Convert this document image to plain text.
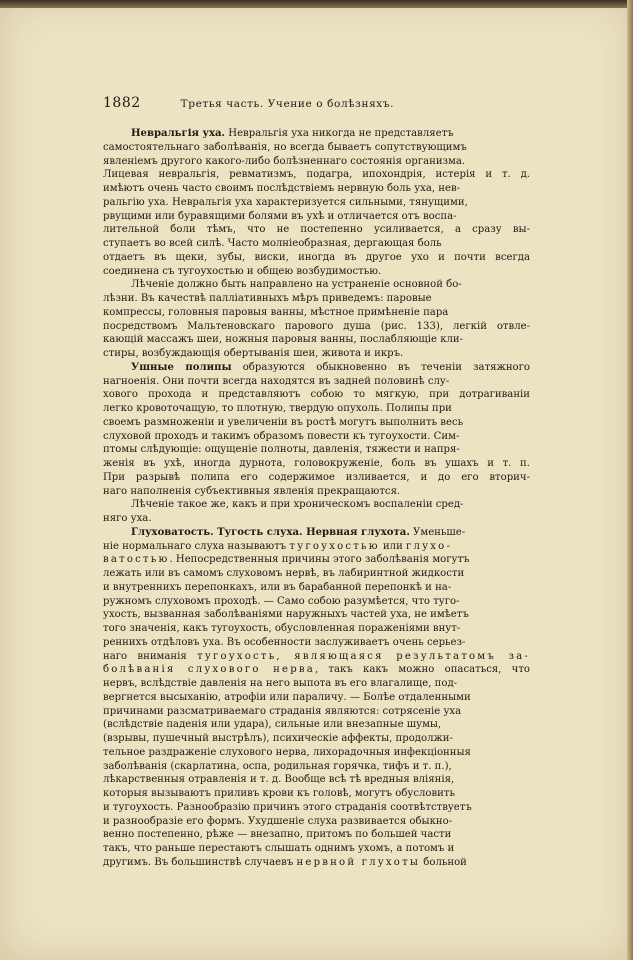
1882	Третья часть. Учение о болѣзняхъ.
Невральгія уха. Невральгія уха никогда не представляетъ
самостоятельнаго заболѣванія, но всегда бываетъ сопутствующимъ
явленіемъ другого какого-либо болѣзненнаго состоянія организма.
Лицевая невральгія, ревматизмъ, подагра, ипохондрія, истерія и т. д.
имѣютъ очень часто своимъ послѣдствіемъ нервную боль уха, нев-
ральгію уха. Невральгія уха характеризуется сильными, тянущими,
рвущими или буравящими болями въ ухѣ и отличается отъ воспа-
лительной боли тѣмъ, что не постепенно усиливается, а сразу вы-
ступаетъ во всей силѣ. Часто молніеобразная, дергающая боль
отдаетъ въ щеки, зубы, виски, иногда въ другое ухо и почти всегда
соединена съ тугоухостью и общею возбудимостью.
Лѣченіе должно быть направлено на устраненіе основной бо-
лѣзни. Въ качествѣ палліативныхъ мѣръ приведемъ: паровые
компрессы, головныя паровыя ванны, мѣстное примѣненіе пара
посредствомъ Мальтеновскаго парового душа (рис. 133), легкій отвле-
кающій массажъ шеи, ножныя паровыя ванны, послабляющіе кли-
стиры, возбуждающія обертыванія шеи, живота и икръ.
Ушные полипы образуются обыкновенно въ теченіи затяжного
нагноенія. Они почти всегда находятся въ задней половинѣ слу-
хового прохода и представляютъ собою то мягкую, при дотрагиваніи
легко кровоточащую, то плотную, твердую опухоль. Полипы при
своемъ размноженіи и увеличеніи въ ростѣ могутъ выполнить весь
слуховой проходъ и такимъ образомъ повести къ тугоухости. Сим-
птомы слѣдующіе: ощущеніе полноты, давленія, тяжести и напря-
женія въ ухѣ, иногда дурнота, головокруженіе, боль въ ушахъ и т. п.
При разрывѣ полипа его содержимое изливается, и до его вторич-
наго наполненія субъективныя явленія прекращаются.
Лѣченіе такое же, какъ и при хроническомъ воспаленіи сред-
няго уха.
Глуховатость. Тугость слуха. Нервная глухота. Уменьше-
ніе нормальнаго слуха называютъ тугоухостью или глухо-
ватостью. Непосредственныя причины этого заболѣванія могутъ
лежать или въ самомъ слуховомъ нервѣ, въ лабиринтной жидкости
и внутреннихъ перепонкахъ, или въ барабанной перепонкѣ и на-
ружномъ слуховомъ проходѣ. — Само собою разумѣется, что туго-
ухость, вызванная заболѣваніями наружныхъ частей уха, не имѣетъ
того значенія, какъ тугоухость, обусловленная пораженіями внут-
реннихъ отдѣловъ уха. Въ особенности заслуживаетъ очень серьез-
наго вниманія тугоухость, являющаяся результатомъ за-
болѣванія слухового нерва, такъ какъ можно опасаться, что
нервъ, вслѣдствіе давленія на него выпота въ его влагалище, под-
вергнется высыханію, атрофіи или параличу. — Болѣе отдаленными
причинами разсматриваемаго страданія являются: сотрясеніе уха
(вслѣдствіе паденія или удара), сильные или внезапные шумы,
(взрывы, пушечный выстрѣлъ), психическіе аффекты, продолжи-
тельное раздраженіе слухового нерва, лихорадочныя инфекціонныя
заболѣванія (скарлатина, оспа, родильная горячка, тифъ и т. п.),
лѣкарственныя отравленія и т. д. Вообще всѣ тѣ вредныя вліянія,
которыя вызываютъ приливъ крови къ головѣ, могутъ обусловить
и тугоухость. Разнообразію причинъ этого страданія соотвѣтствуетъ
и разнообразіе его формъ. Ухудшеніе слуха развивается обыкно-
венно постепенно, рѣже — внезапно, притомъ по большей части
такъ, что раньше перестаютъ слышать однимъ ухомъ, а потомъ и
другимъ. Въ большинствѣ случаевъ нервной глухоты больной
